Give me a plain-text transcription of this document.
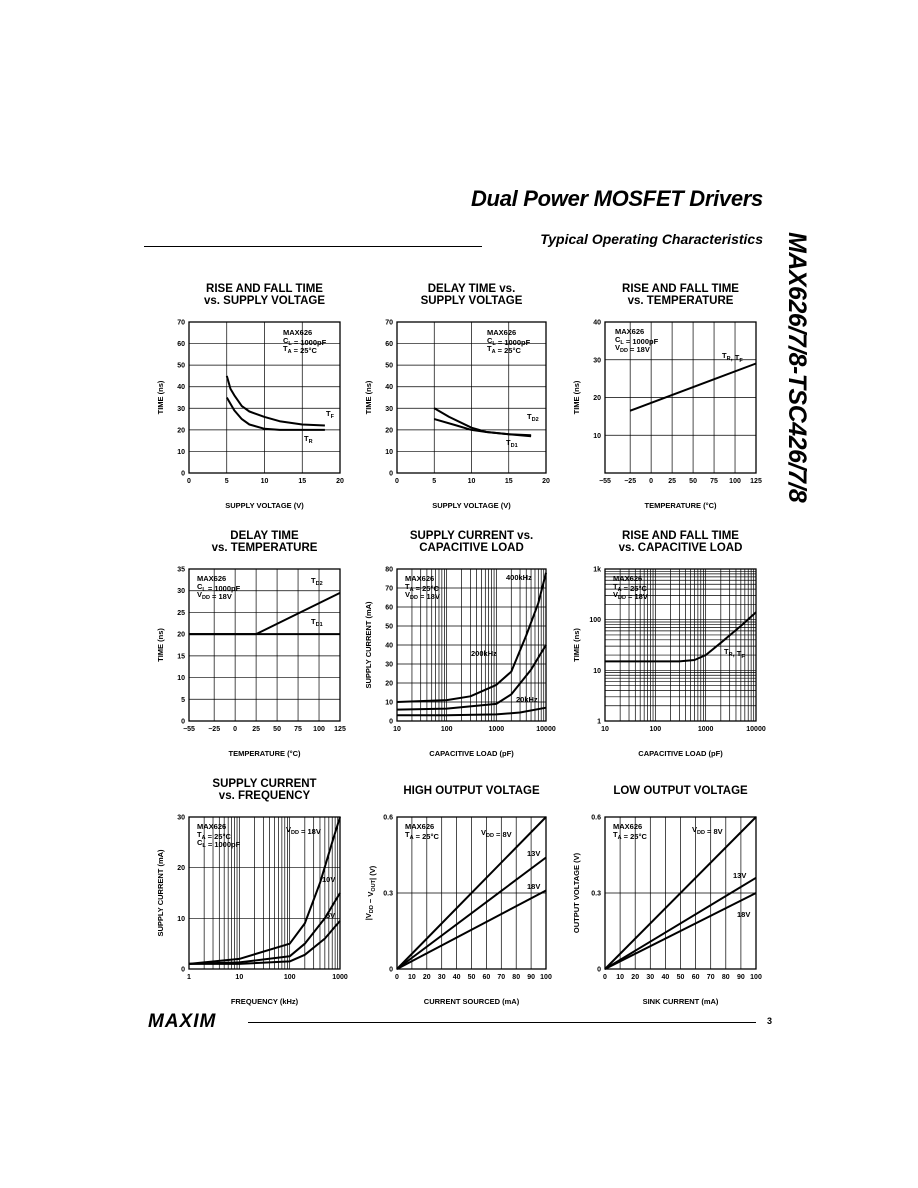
Dual Power MOSFET Drivers
Typical Operating Characteristics MAX626/7/8-TSC426/7/8
0	5	10	15	20
0
10
20
30
40
50
60
70
SUPPLY VOLTAGE (V)
TIME (ns)
RISE AND FALL TIME
vs. SUPPLY VOLTAGE
MAX626
$C_L = 1000pF$
$T_A = 25^\circ C$
$T_F$
$T_R$
0	5	10	15	20
0
10
20
30
40
50
60
70
SUPPLY VOLTAGE (V)
TIME (ns)
DELAY TIME vs.
SUPPLY VOLTAGE
MAX626
$C_L = 1000pF$
$T_A = 25^\circ C$
$T_{D2}$
$T_{D1}$
−55 −25 0 25 50 75 100 125
10
20
30
40
TEMPERATURE (°C)
TIME (ns)
RISE AND FALL TIME
vs. TEMPERATURE
MAX626
$C_L = 1000pF$
$V_{DD} = 18V$
$T_R$, $T_F$
−55 −25 0 25 50 75 100 125
0
5
10
15
20
25
30
35
TEMPERATURE (°C)
TIME (ns)
DELAY TIME
vs. TEMPERATURE
MAX626
$C_L = 1000pF$
$V_{DD} = 18V$
$T_{D2}$
$T_{D1}$
10	100	1000	10000
0
10
20
30
40
50
60
70
80
CAPACITIVE LOAD (pF)
SUPPLY CURRENT (mA)
SUPPLY CURRENT vs.
CAPACITIVE LOAD
MAX626
$T_A = 25^\circ C$
$V_{DD} = 18V$
400kHz
200kHz
20kHz
10	100	1000	10000
1
10
100
1k
CAPACITIVE LOAD (pF)
TIME (ns)
RISE AND FALL TIME
vs. CAPACITIVE LOAD
MAX626
$T_A = 25^\circ C$
$V_{DD} = 18V$
$T_R$, $T_F$
1	10	100	1000
0
10
20
30
FREQUENCY (kHz)
SUPPLY CURRENT (mA)
SUPPLY CURRENT
vs. FREQUENCY
MAX626
$T_A = 25^\circ C$
$C_L = 1000pF$
$V_{DD} = 18V$
10V
5V
0 10 20 30 40 50 60 70 80 90 100
0
0.3
0.6
CURRENT SOURCED (mA)
$|V_{DD} - V_{OUT}|$ (V)
HIGH OUTPUT VOLTAGE
MAX626
$T_A = 25^\circ C$	$V_{DD} = 8V$
13V
18V
0 10 20 30 40 50 60 70 80 90 100
0
0.3
0.6
SINK CURRENT (mA)
OUTPUT VOLTAGE (V)
LOW OUTPUT VOLTAGE
MAX626
$T_A = 25^\circ C$
$V_{DD} = 8V$
13V
18V
MAXIM	3
